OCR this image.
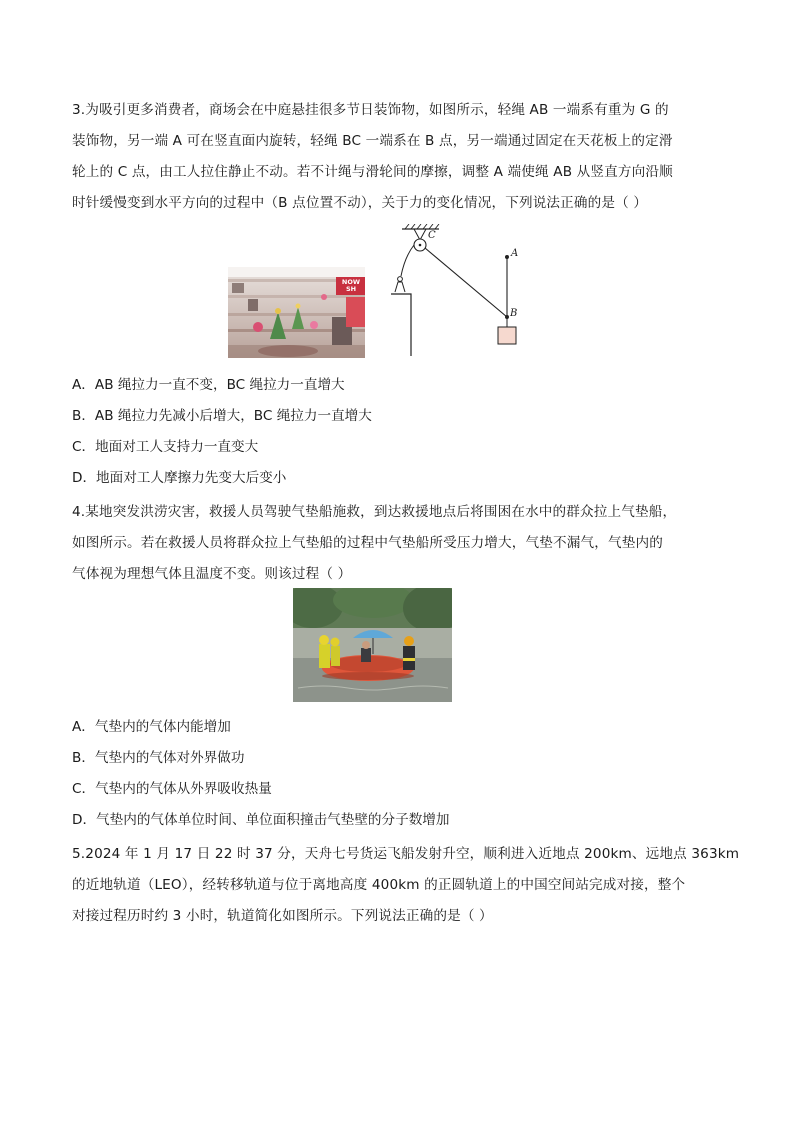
3.为吸引更多消费者，商场会在中庭悬挂很多节日装饰物，如图所示，轻绳 AB 一端系有重为 G 的
装饰物，另一端 A 可在竖直面内旋转，轻绳 BC 一端系在 B 点，另一端通过固定在天花板上的定滑
轮上的 C 点，由工人拉住静止不动。若不计绳与滑轮间的摩擦，调整 A 端使绳 AB 从竖直方向沿顺
时针缓慢变到水平方向的过程中（B 点位置不动），关于力的变化情况，下列说法正确的是（ ）
NOW SH
C
A
B
A．AB 绳拉力一直不变，BC 绳拉力一直增大
B．AB 绳拉力先减小后增大，BC 绳拉力一直增大
C．地面对工人支持力一直变大
D．地面对工人摩擦力先变大后变小
4.某地突发洪涝灾害，救援人员驾驶气垫船施救，到达救援地点后将围困在水中的群众拉上气垫船，
如图所示。若在救援人员将群众拉上气垫船的过程中气垫船所受压力增大，气垫不漏气，气垫内的
气体视为理想气体且温度不变。则该过程（ ）
A．气垫内的气体内能增加
B．气垫内的气体对外界做功
C．气垫内的气体从外界吸收热量
D．气垫内的气体单位时间、单位面积撞击气垫壁的分子数增加
5.2024 年 1 月 17 日 22 时 37 分，天舟七号货运飞船发射升空，顺利进入近地点 200km、远地点 363km
的近地轨道（LEO），经转移轨道与位于离地高度 400km 的正圆轨道上的中国空间站完成对接，整个
对接过程历时约 3 小时，轨道简化如图所示。下列说法正确的是（ ）
